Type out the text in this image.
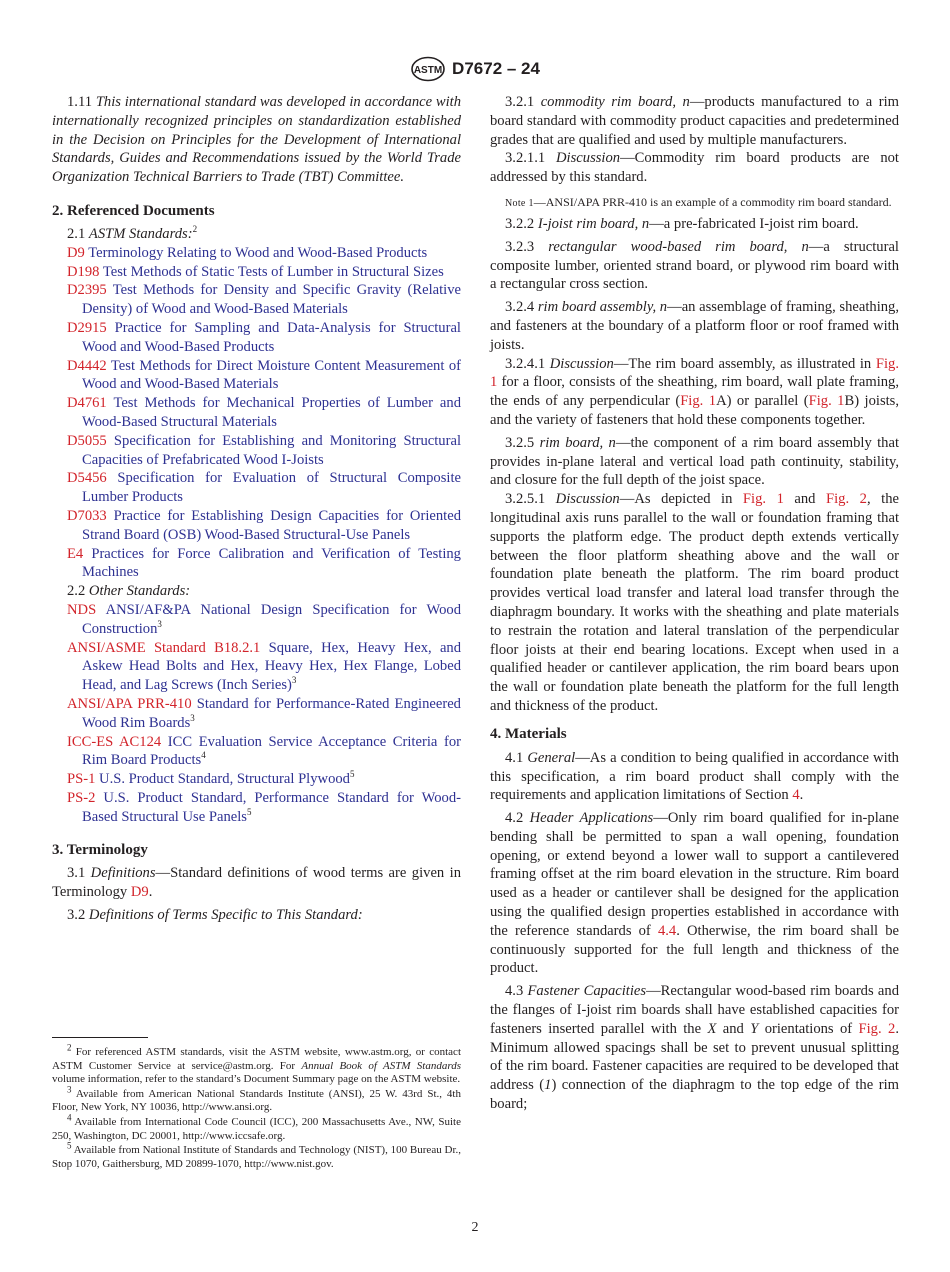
ASTM D7672 – 24

1.11 This international standard was developed in accordance with internationally recognized principles on standardization established in the Decision on Principles for the Development of International Standards, Guides and Recommendations issued by the World Trade Organization Technical Barriers to Trade (TBT) Committee.

2. Referenced Documents

2.1 ASTM Standards:$^2$

D9 Terminology Relating to Wood and Wood-Based Products

D198 Test Methods of Static Tests of Lumber in Structural Sizes

D2395 Test Methods for Density and Specific Gravity (Relative Density) of Wood and Wood-Based Materials

D2915 Practice for Sampling and Data-Analysis for Structural Wood and Wood-Based Products

D4442 Test Methods for Direct Moisture Content Measurement of Wood and Wood-Based Materials

D4761 Test Methods for Mechanical Properties of Lumber and Wood-Based Structural Materials

D5055 Specification for Establishing and Monitoring Structural Capacities of Prefabricated Wood I-Joists

D5456 Specification for Evaluation of Structural Composite Lumber Products

D7033 Practice for Establishing Design Capacities for Oriented Strand Board (OSB) Wood-Based Structural-Use Panels

E4 Practices for Force Calibration and Verification of Testing Machines

2.2 Other Standards:

NDS ANSI/AF&PA National Design Specification for Wood Construction$^3$

ANSI/ASME Standard B18.2.1 Square, Hex, Heavy Hex, and Askew Head Bolts and Hex, Heavy Hex, Hex Flange, Lobed Head, and Lag Screws (Inch Series)$^3$

ANSI/APA PRR-410 Standard for Performance-Rated Engineered Wood Rim Boards$^3$

ICC-ES AC124 ICC Evaluation Service Acceptance Criteria for Rim Board Products$^4$

PS-1 U.S. Product Standard, Structural Plywood$^5$

PS-2 U.S. Product Standard, Performance Standard for Wood-Based Structural Use Panels$^5$

3. Terminology

3.1 Definitions—Standard definitions of wood terms are given in Terminology D9.

3.2 Definitions of Terms Specific to This Standard:

$^2$ For referenced ASTM standards, visit the ASTM website, www.astm.org, or contact ASTM Customer Service at service@astm.org. For Annual Book of ASTM Standards volume information, refer to the standard’s Document Summary page on the ASTM website.

$^3$ Available from American National Standards Institute (ANSI), 25 W. 43rd St., 4th Floor, New York, NY 10036, http://www.ansi.org.

$^4$ Available from International Code Council (ICC), 200 Massachusetts Ave., NW, Suite 250, Washington, DC 20001, http://www.iccsafe.org.

$^5$ Available from National Institute of Standards and Technology (NIST), 100 Bureau Dr., Stop 1070, Gaithersburg, MD 20899-1070, http://www.nist.gov.

3.2.1 commodity rim board, n—products manufactured to a rim board standard with commodity product capacities and predetermined grades that are qualified and used by multiple manufacturers.

3.2.1.1 Discussion—Commodity rim board products are not addressed by this standard.

Note 1—ANSI/APA PRR-410 is an example of a commodity rim board standard.

3.2.2 I-joist rim board, n—a pre-fabricated I-joist rim board.

3.2.3 rectangular wood-based rim board, n—a structural composite lumber, oriented strand board, or plywood rim board with a rectangular cross section.

3.2.4 rim board assembly, n—an assemblage of framing, sheathing, and fasteners at the boundary of a platform floor or roof framed with joists.

3.2.4.1 Discussion—The rim board assembly, as illustrated in Fig. 1 for a floor, consists of the sheathing, rim board, wall plate framing, the ends of any perpendicular (Fig. 1A) or parallel (Fig. 1B) joists, and the variety of fasteners that hold these components together.

3.2.5 rim board, n—the component of a rim board assembly that provides in-plane lateral and vertical load path continuity, stability, and closure for the full depth of the joist space.

3.2.5.1 Discussion—As depicted in Fig. 1 and Fig. 2, the longitudinal axis runs parallel to the wall or foundation framing that supports the platform edge. The product depth extends vertically between the floor platform sheathing above and the wall or foundation plate beneath the platform. The rim board product provides vertical load transfer and lateral load transfer through the diaphragm boundary. It works with the sheathing and plate materials to restrain the rotation and lateral translation of the perpendicular floor joists at their end bearing locations. Except when used in a qualified header or cantilever application, the rim board bears upon the wall or foundation plate beneath the platform for the full length and thickness of the product.

4. Materials

4.1 General—As a condition to being qualified in accordance with this specification, a rim board product shall comply with the requirements and application limitations of Section 4.

4.2 Header Applications—Only rim board qualified for in-plane bending shall be permitted to span a wall opening, foundation opening, or extend beyond a lower wall to support a cantilevered framing offset at the rim board elevation in the structure. Rim board used as a header or cantilever shall be designed for the application using the qualified design properties established in accordance with the reference standards of 4.4. Otherwise, the rim board shall be continuously supported for the full length and thickness of the product.

4.3 Fastener Capacities—Rectangular wood-based rim boards and the flanges of I-joist rim boards shall have established capacities for fasteners inserted parallel with the X and Y orientations of Fig. 2. Minimum allowed spacings shall be set to prevent unusual splitting of the rim board. Fastener capacities are required to be developed that address (1) connection of the diaphragm to the top edge of the rim board;

2
